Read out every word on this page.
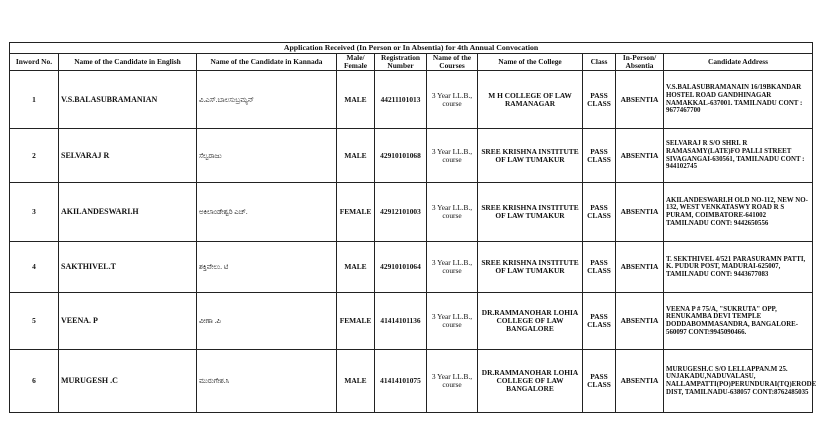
Application Received (In Person or In Absentia) for 4th Annual Convocation									
Inword No.	Name of the Candidate in English	Name of the Candidate in Kannada	Male/ Female	Registration Number	Name of the Courses	Name of the College	Class	In-Person/ Absentia	Candidate Address
1	V.S.BALASUBRAMANIAN	ವಿ.ಎಸ್.ಬಾಲಸುಬ್ರಮ್ಯನ್	MALE	44211101013	3 Year LL.B., course	M H COLLEGE OF LAW RAMANAGAR	PASS CLASS	ABSENTIA	V.S.BALASUBRAMANAIN 16/19BKANDAR HOSTEL ROAD GANDHINAGAR NAMAKKAL-637001. TAMILNADU CONT : 9677467700
2	SELVARAJ R	ಸೆಲ್ವರಾಜು	MALE	42910101068	3 Year LL.B., course	SREE KRISHNA INSTITUTE OF LAW TUMAKUR	PASS CLASS	ABSENTIA	SELVARAJ R S/O SHRI. R RAMASAMY(LATE)FO PALLI STREET SIVAGANGAI-630561, TAMILNADU CONT : 944102745
3	AKILANDESWARI.H	ಅಕಿಲಾಂಡೇಶ್ವರಿ ಎಚ್.	FEMALE	42912101003	3 Year LL.B., course	SREE KRISHNA INSTITUTE OF LAW TUMAKUR	PASS CLASS	ABSENTIA	AKILANDESWARI.H OLD NO-112, NEW NO-132, WEST VENKATASWY ROAD R S PURAM, COIMBATORE-641002 TAMILNADU CONT: 9442650556
4	SAKTHIVEL.T	ಶಕ್ತಿವೇಲು. ಟಿ	MALE	42910101064	3 Year LL.B., course	SREE KRISHNA INSTITUTE OF LAW TUMAKUR	PASS CLASS	ABSENTIA	T. SEKTHIVEL 4/521 PARASURAMN PATTI, K. PUDUR POST, MADURAI-625007, TAMILNADU CONT: 9443677083
5	VEENA. P	ವೀಣಾ .ಪಿ	FEMALE	41414101136	3 Year LL.B., course	DR.RAMMANOHAR LOHIA COLLEGE OF LAW BANGALORE	PASS CLASS	ABSENTIA	VEENA P # 75/A, "SUKRUTA" OPP, RENUKAMBA DEVI TEMPLE DODDABOMMASANDRA, BANGALORE-560097 CONT:9945090466.
6	MURUGESH .C	ಮುರುಗೇಶ.ಸಿ	MALE	41414101075	3 Year LL.B., course	DR.RAMMANOHAR LOHIA COLLEGE OF LAW BANGALORE	PASS CLASS	ABSENTIA	MURUGESH.C S/O LELLAPPAN.M 25. UNJAKADU,NADUVALASU, NALLAMPATTI(PO)PERUNDURAI(TQ)ERODE DIST, TAMILNADU-638057 CONT:8762485035
